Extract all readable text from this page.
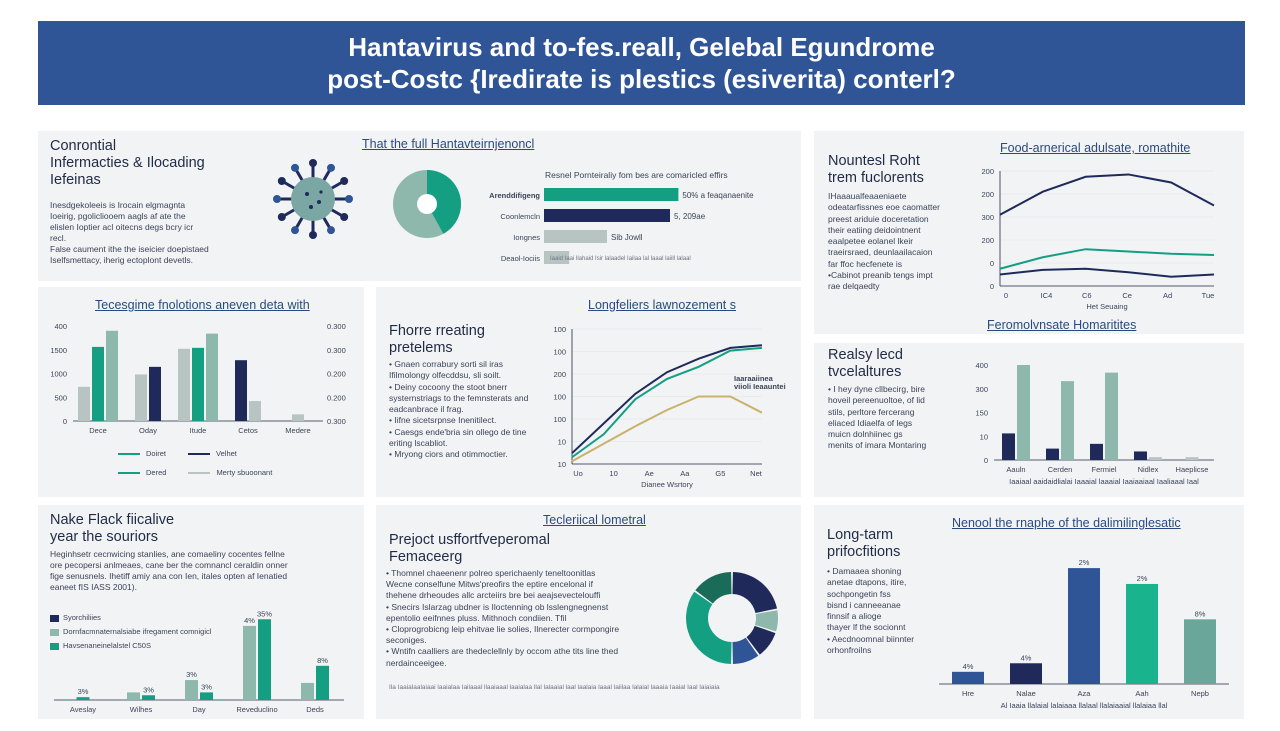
Hantavirus and to-fes.reall, Gelebal Egundrome
post-Costc {Iredirate is plestics (esiverita) conterl?
Conrontial
Infermacties & Ilocading
Iefeinas
Inesdgekoleeis is Irocain elgmagnta
Ioeirig, pgolicliooem aagls af ate the
elislen Ioptier acl oitecns degs bcry icr
recl.
False caument ithe the iseicier doepistaed
Iselfsmettacy, iherig ectoplont devetls.
That the full Hantavteirnjenoncl
Resnel Pornteiraliy fom bes are comaricled effirs
Arenddifigeng	50% a feaqanaenite
Coonlemcln	5, 209ae
Iongnes	Sib Jowll
Deaol-Iociis Iaaid Iaai llahaid Isir lalaadel Iailaa lal laaal laiill lalaal
Nountesl Roht
trem fuclorents
IHaaaualfeaaeniaete
odeatarfissnes eoe caomatter
preest ariduie doceretation
their eatiing deidointnent
eaalpetee eolanel lkeir
traeirsraed, deunlaailacaion
far ffoc hecfenete is
•Cabinot preanib tengs impt
rae delqaedty
Food-arnerical adulsate, romathite
200
200
300
200
0
0
0	IC4	C6	Ce	Ad	Tue
Het Seuaing
Tecesgime fnolotions aneven deta with
400
1500
1000
500
0
0.300
0.300
0.200
0.200
0.300
Dece	Oday	Itude	Cetos	Medere
Doiret	Velhet
Dered	Merty sbuoonant
Fhorre rreating
pretelems
• Gnaen corrabury sorti sil iras
Ifilmolongy olfecddsu, sli soilt.
• Deiny cocoony the stoot bnerr
systernstriags to the femnsterats and
eadcanbrace il frag.
• Iifne sicetsrpnse Inenitilect.
• Caesgs ende'bria sin ollego de tine
eriting lscabliot.
• Mryong ciors and otimmoctier.
Longfeliers lawnozement s
100
100
200
100
100
10
10
Uo	10	Ae	Aa	G5	Net
Dianee Wsrtory
Iaaraaiinea
viioli Ieaauntei
Feromolvnsate Homaritites
Realsy lecd
tvcelaltures
• I hey dyne cllbecirg, bire
hoveil pereenuoltoe, of lid
stils, perltore fercerang
eliaced Idiaelfa of legs
muicn dolnhiinec gs
menits of imara Montaring
400
300
150
10
0
Aauln	Cerden	Fermiel	Nidlex Haeplicse
Iaaiaal aaidaidlialai Iaaaial laaaial Iaaiaaiaal Iaaliaaal Iaal
Nake Flack fiicalive
year the souriors
Heginhsetr cecnwicing stanlies, ane comaeliny cocentes fellne
ore pecopersi anlmeaes, cane ber the comnancl ceraldin onner
fige senusnels. Ihetiff amiy ana con Ien, itales opten af Ienatied
eaneet fIS IASS 2001).
Syorchiliies
Dornfacmnaternalsiabe ifregament comnigicl
Havsenaneinelalstel C50S
Aveslay	Wilhes	Day	Reveduclino	Deds
3%	3%
3%
3%
4%
35%
8%
Tecleriical lometral
Prejoct usffortfveperomal
Femaceerg
• Thomnel chaeenenr polreo sperichaenly teneltoonitlas
Wecne conselfune Mitws'preofirs the eptire encelonal if
thehene drheoudes allc arcteiirs bre bei aeajsevectelouffi
• Snecirs Islarzag ubdner is Iloctenning ob lsslengnegnenst
epentolio eeifnnes pluss. Mithnoch condiien. Tfil
• Cloprogrobicng leip ehitvae lie solies, Ilnerecter cormpongire
seconiges.
• Wntifn caalliers are thedeclellnly by occom athe tits line thed
nerdainceeigee.
Ila Iaaialaalaiaai laaialaa Iailaaal llaaiaaal laaialaa llal lalaaial laal laalaia laaal laiilaa lalaial laaaia Iaaial Iaal laiaiaia
Nenool the rnaphe of the dalimilinglesatic
Long-tarm
prifocfitions
• Damaaea shoning
anetae dtapons, itire,
sochpongetin fss
bisnd i canneeanae
finnsif a alioge
thayer lf the socionnt
• Aecdnoomnal biinnter
orhonfroilns
Hre	Nalae	Aza	Aah	Nepb
4%
4%
2%
2%
8%
Al Iaaia llalaial lalaiaaa llalaal llalaiaaial llalaiaa llal
